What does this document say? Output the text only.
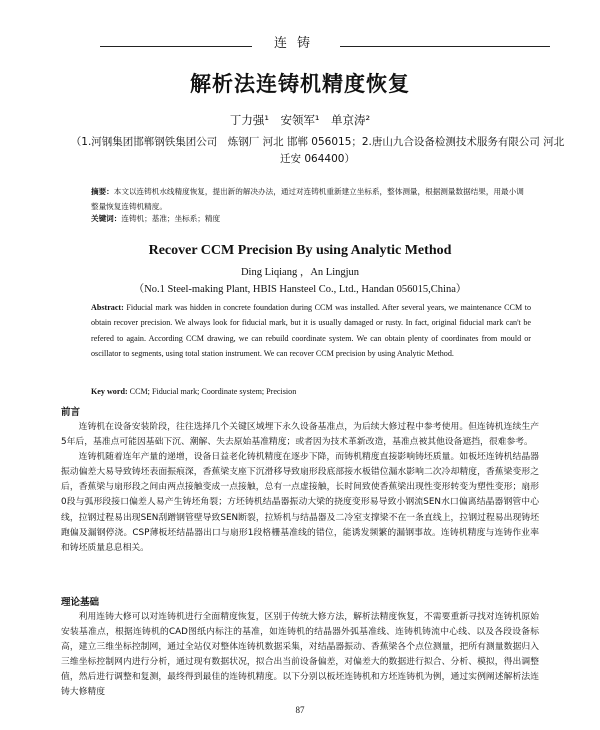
连铸
解析法连铸机精度恢复
丁力强¹　安领军¹　单京涛²
（1.河钢集团邯郸钢铁集团公司　炼钢厂 河北 邯郸 056015；2.唐山九合设备检测技术服务有限公司 河北 迁安 064400）
摘要：本文以连铸机水线精度恢复，提出新的解决办法，通过对连铸机重新建立坐标系，整体测量，根据测量数据结果，用最小调整量恢复连铸机精度。
关键词：连铸机；基准；坐标系；精度
Recover CCM Precision By using Analytic Method
Ding Liqiang ，An Lingjun
（No.1 Steel-making Plant, HBIS Hansteel Co., Ltd., Handan 056015,China）
Abstract: Fiducial mark was hidden in concrete foundation during CCM was installed. After several years, we maintenance CCM to obtain recover precision. We always look for fiducial mark, but it is usually damaged or rusty. In fact, original fiducial mark can't be refered to again. According CCM drawing, we can rebuild coordinate system. We can obtain plenty of coordinates from mould or oscillator to segments, using total station instrument. We can recover CCM precision by using Analytic Method.
Key word: CCM; Fiducial mark; Coordinate system; Precision
前言

连铸机在设备安装阶段，往往选择几个关键区域埋下永久设备基准点，为后续大修过程中参考使用。但连铸机连续生产5年后，基准点可能因基础下沉、潮解、失去原始基准精度；或者因为技术革新改造，基准点被其他设备遮挡，很难参考。

连铸机随着连年产量的递增，设备日益老化铸机精度在逐步下降，而铸机精度直接影响铸坯质量。如板坯连铸机结晶器振动偏差大易导致铸坯表面振痕深，香蕉梁支座下沉滑移导致扇形段底部接水板错位漏水影响二次冷却精度，香蕉梁变形之后，香蕉梁与扇形段之间由两点接触变成一点接触，总有一点虚接触，长时间致使香蕉梁出现性变形转变为塑性变形；扇形0段与弧形段接口偏差人易产生铸坯角裂；方坯铸机结晶器振动大梁的挠度变形易导致小钢流SEN水口偏离结晶器钢管中心线，拉钢过程易出现SEN刮蹭钢管壁导致SEN断裂，拉矫机与结晶器及二冷室支撑梁不在一条直线上，拉钢过程易出现铸坯跑偏及漏钢停浇。CSP薄板坯结晶器出口与扇形1段格栅基准线的错位，能诱发频繁的漏钢事故。连铸机精度与连铸作业率和铸坯质量息息相关。

理论基础

利用连铸大修可以对连铸机进行全面精度恢复，区别于传统大修方法，解析法精度恢复，不需要重新寻找对连铸机原始安装基准点，根据连铸机的CAD图纸内标注的基准，如连铸机的结晶器外弧基准线、连铸机铸流中心线、以及各段设备标高，建立三维坐标控制网，通过全站仪对整体连铸机数据采集，对结晶器振动、香蕉梁各个点位测量，把所有测量数据归入三维坐标控制网内进行分析，通过现有数据状况，拟合出当前设备偏差，对偏差大的数据进行拟合、分析、模拟，得出调整值，然后进行调整和复测，最终得到最佳的连铸机精度。以下分别以板坯连铸机和方坯连铸机为例，通过实例阐述解析法连铸大修精度

87
